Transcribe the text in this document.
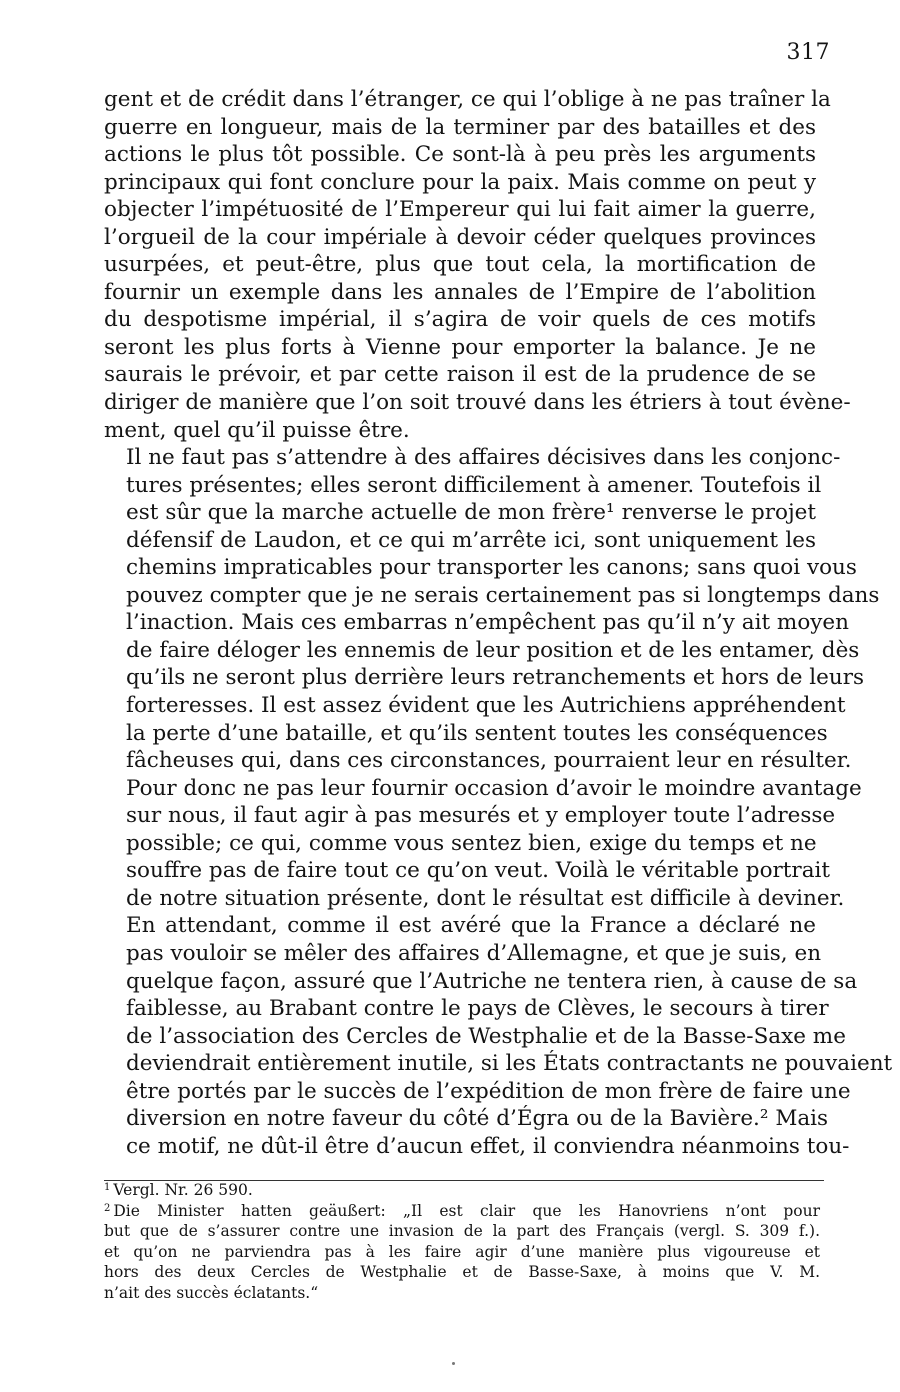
317
gent et de crédit dans l’étranger, ce qui l’oblige à ne pas traîner la
guerre en longueur, mais de la terminer par des batailles et des
actions le plus tôt possible. Ce sont-là à peu près les arguments
principaux qui font conclure pour la paix. Mais comme on peut y
objecter l’impétuosité de l’Empereur qui lui fait aimer la guerre,
l’orgueil de la cour impériale à devoir céder quelques provinces
usurpées, et peut-être, plus que tout cela, la mortification de
fournir un exemple dans les annales de l’Empire de l’abolition
du despotisme impérial, il s’agira de voir quels de ces motifs
seront les plus forts à Vienne pour emporter la balance. Je ne
saurais le prévoir, et par cette raison il est de la prudence de se
diriger de manière que l’on soit trouvé dans les étriers à tout évène-
ment, quel qu’il puisse être.
Il ne faut pas s’attendre à des affaires décisives dans les conjonc-
tures présentes; elles seront difficilement à amener. Toutefois il
est sûr que la marche actuelle de mon frère¹ renverse le projet
défensif de Laudon, et ce qui m’arrête ici, sont uniquement les
chemins impraticables pour transporter les canons; sans quoi vous
pouvez compter que je ne serais certainement pas si longtemps dans
l’inaction. Mais ces embarras n’empêchent pas qu’il n’y ait moyen
de faire déloger les ennemis de leur position et de les entamer, dès
qu’ils ne seront plus derrière leurs retranchements et hors de leurs
forteresses. Il est assez évident que les Autrichiens appréhendent
la perte d’une bataille, et qu’ils sentent toutes les conséquences
fâcheuses qui, dans ces circonstances, pourraient leur en résulter.
Pour donc ne pas leur fournir occasion d’avoir le moindre avantage
sur nous, il faut agir à pas mesurés et y employer toute l’adresse
possible; ce qui, comme vous sentez bien, exige du temps et ne
souffre pas de faire tout ce qu’on veut. Voilà le véritable portrait
de notre situation présente, dont le résultat est difficile à deviner.
En attendant, comme il est avéré que la France a déclaré ne
pas vouloir se mêler des affaires d’Allemagne, et que je suis, en
quelque façon, assuré que l’Autriche ne tentera rien, à cause de sa
faiblesse, au Brabant contre le pays de Clèves, le secours à tirer
de l’association des Cercles de Westphalie et de la Basse-Saxe me
deviendrait entièrement inutile, si les États contractants ne pouvaient
être portés par le succès de l’expédition de mon frère de faire une
diversion en notre faveur du côté d’Égra ou de la Bavière.² Mais
ce motif, ne dût-il être d’aucun effet, il conviendra néanmoins tou-
$^1$ Vergl. Nr. 26 590.
$^2$ Die Minister hatten geäußert: „Il est clair que les Hanovriens n’ont pour
but que de s’assurer contre une invasion de la part des Français (vergl. S. 309 f.).
et qu’on ne parviendra pas à les faire agir d’une manière plus vigoureuse et
hors des deux Cercles de Westphalie et de Basse-Saxe, à moins que V. M.
n’ait des succès éclatants.“
